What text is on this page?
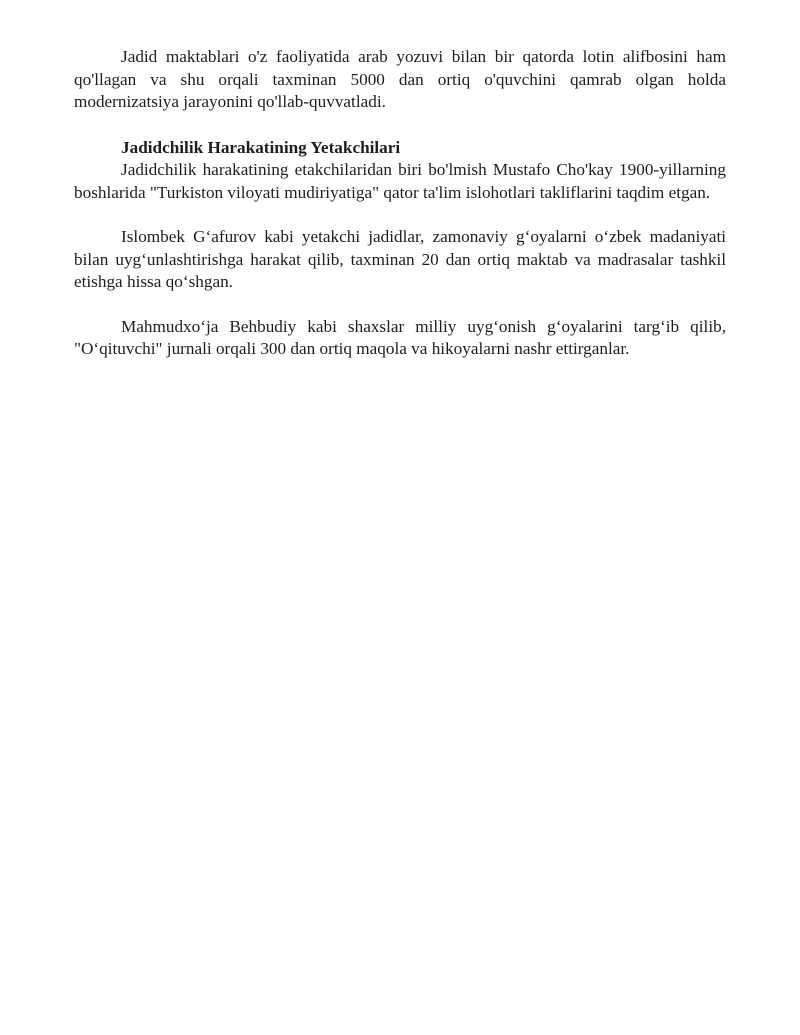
Jadid maktablari o'z faoliyatida arab yozuvi bilan bir qatorda lotin alifbosini ham qo'llagan va shu orqali taxminan 5000 dan ortiq o'quvchini qamrab olgan holda modernizatsiya jarayonini qo'llab-quvvatladi.

Jadidchilik Harakatining Yetakchilari

Jadidchilik harakatining etakchilaridan biri bo'lmish Mustafo Cho'kay 1900-yillarning boshlarida "Turkiston viloyati mudiriyatiga" qator ta'lim islohotlari takliflarini taqdim etgan.

Islombek G‘afurov kabi yetakchi jadidlar, zamonaviy g‘oyalarni o‘zbek madaniyati bilan uyg‘unlashtirishga harakat qilib, taxminan 20 dan ortiq maktab va madrasalar tashkil etishga hissa qo‘shgan.

Mahmudxo‘ja Behbudiy kabi shaxslar milliy uyg‘onish g‘oyalarini targ‘ib qilib, "O‘qituvchi" jurnali orqali 300 dan ortiq maqola va hikoyalarni nashr ettirganlar.
